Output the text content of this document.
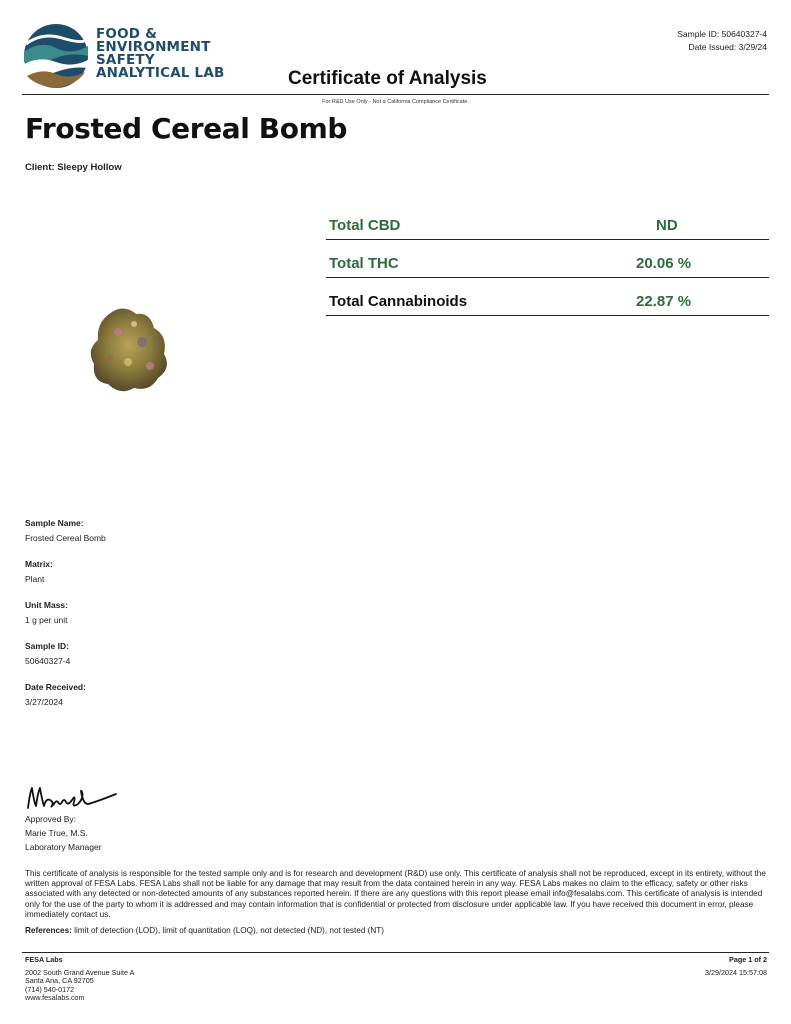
FOOD &
ENVIRONMENT
SAFETY
ANALYTICAL LAB
Sample ID: 50640327-4
Date Issued: 3/29/24
Certificate of Analysis
For R&D Use Only - Not a California Compliance Certificate.
Frosted Cereal Bomb
Client: Sleepy Hollow
Total CBD	ND
Total THC	20.06 %
Total Cannabinoids	22.87 %
Sample Name:
Frosted Cereal Bomb
Matrix:
Plant
Unit Mass:
1 g per unit
Sample ID:
50640327-4
Date Received:
3/27/2024
Approved By:
Marie True, M.S.
Laboratory Manager
This certificate of analysis is responsible for the tested sample only and is for research and development (R&D) use only. This certificate of analysis shall not be reproduced, except in its entirety, without the written approval of FESA Labs. FESA Labs shall not be liable for any damage that may result from the data contained herein in any way. FESA Labs makes no claim to the efficacy, safety or other risks associated with any detected or non-detected amounts of any substances reported herein. If there are any questions with this report please email info@fesalabs.com. This certificate of analysis is intended only for the use of the party to whom it is addressed and may contain information that is confidential or protected from disclosure under applicable law. If you have received this document in error, please immediately contact us.
References: limit of detection (LOD), limit of quantitation (LOQ), not detected (ND), not tested (NT)
FESA Labs
2002 South Grand Avenue Suite A
Santa Ana, CA 92705
(714) 540-0172
www.fesalabs.com
Page 1 of 2
3/29/2024 15:57:08
